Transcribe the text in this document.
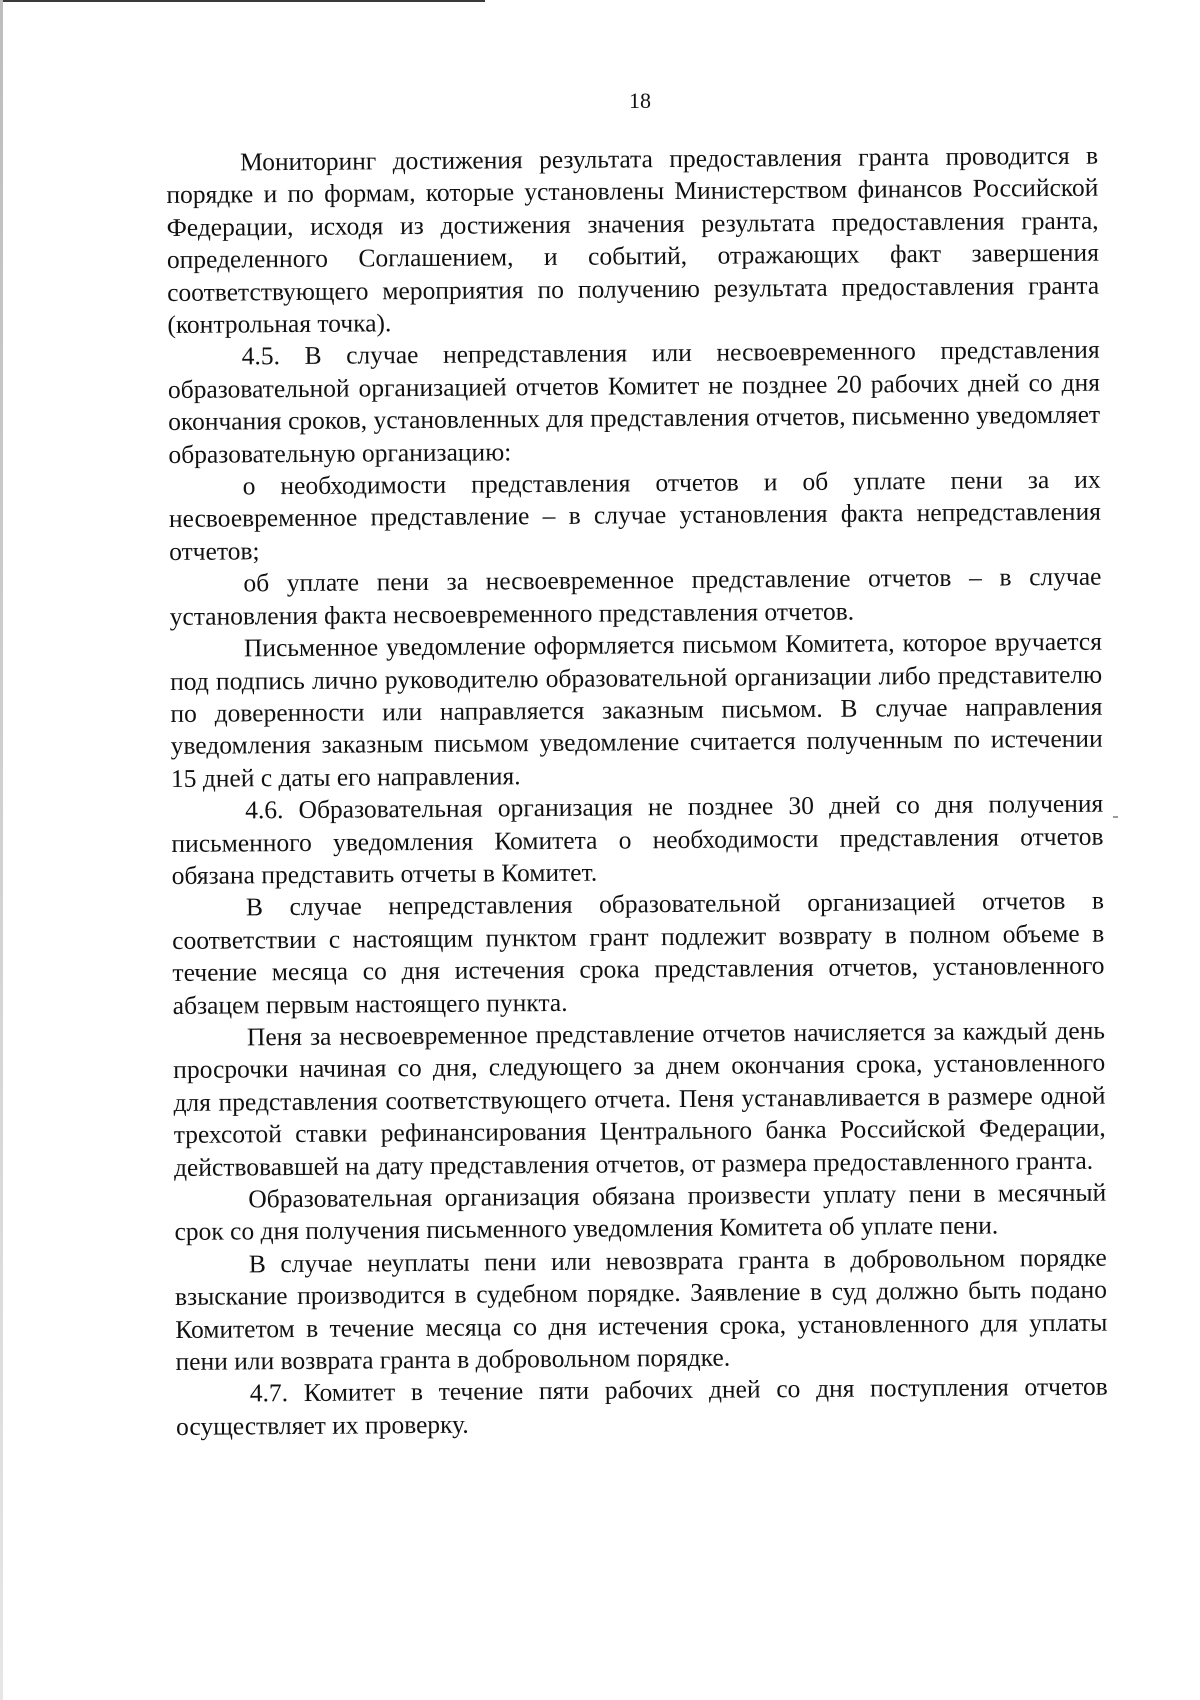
18

Мониторинг достижения результата предоставления гранта проводится в порядке и по формам, которые установлены Министерством финансов Российской Федерации, исходя из достижения значения результата предоставления гранта, определенного Соглашением, и событий, отражающих факт завершения соответствующего мероприятия по получению результата предоставления гранта (контрольная точка).

4.5. В случае непредставления или несвоевременного представления образовательной организацией отчетов Комитет не позднее 20 рабочих дней со дня окончания сроков, установленных для представления отчетов, письменно уведомляет образовательную организацию:

о необходимости представления отчетов и об уплате пени за их несвоевременное представление – в случае установления факта непредставления отчетов;

об уплате пени за несвоевременное представление отчетов – в случае установления факта несвоевременного представления отчетов.

Письменное уведомление оформляется письмом Комитета, которое вручается под подпись лично руководителю образовательной организации либо представителю по доверенности или направляется заказным письмом. В случае направления уведомления заказным письмом уведомление считается полученным по истечении 15 дней с даты его направления.

4.6. Образовательная организация не позднее 30 дней со дня получения письменного уведомления Комитета о необходимости представления отчетов обязана представить отчеты в Комитет.

В случае непредставления образовательной организацией отчетов в соответствии с настоящим пунктом грант подлежит возврату в полном объеме в течение месяца со дня истечения срока представления отчетов, установленного абзацем первым настоящего пункта.

Пеня за несвоевременное представление отчетов начисляется за каждый день просрочки начиная со дня, следующего за днем окончания срока, установленного для представления соответствующего отчета. Пеня устанавливается в размере одной трехсотой ставки рефинансирования Центрального банка Российской Федерации, действовавшей на дату представления отчетов, от размера предоставленного гранта.

Образовательная организация обязана произвести уплату пени в месячный срок со дня получения письменного уведомления Комитета об уплате пени.

В случае неуплаты пени или невозврата гранта в добровольном порядке взыскание производится в судебном порядке. Заявление в суд должно быть подано Комитетом в течение месяца со дня истечения срока, установленного для уплаты пени или возврата гранта в добровольном порядке.

4.7. Комитет в течение пяти рабочих дней со дня поступления отчетов осуществляет их проверку.
